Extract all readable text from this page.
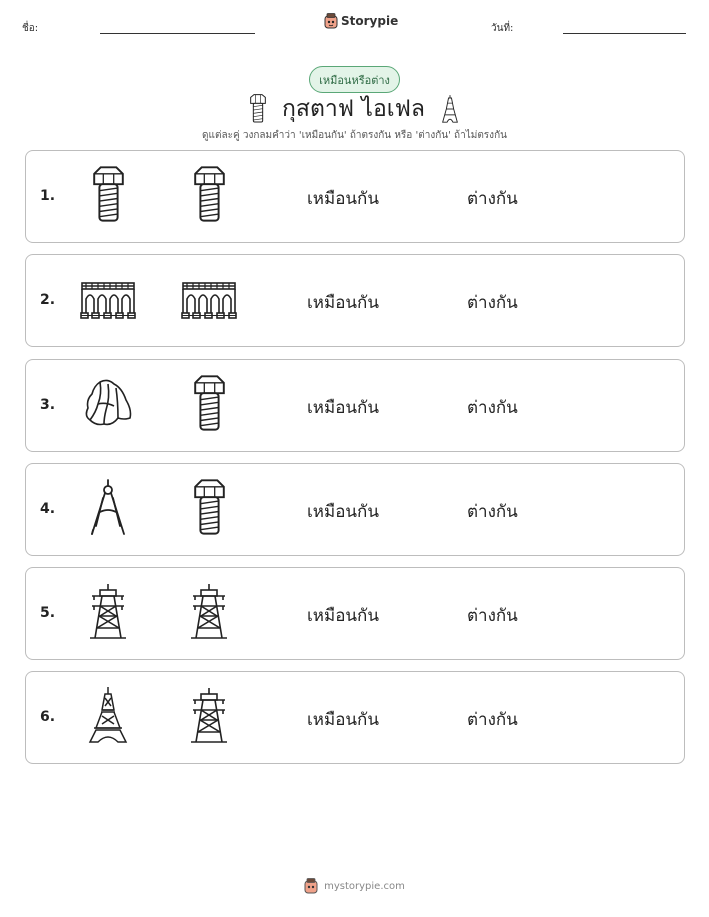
ชื่อ:
Storypie
วันที่:
เหมือนหรือต่าง
กุสตาฟ ไอเฟล
ดูแต่ละคู่ วงกลมคำว่า 'เหมือนกัน' ถ้าตรงกัน หรือ 'ต่างกัน' ถ้าไม่ตรงกัน
1.	เหมือนกัน	ต่างกัน
2.	เหมือนกัน	ต่างกัน
3.	เหมือนกัน	ต่างกัน
4.	เหมือนกัน	ต่างกัน
5.	เหมือนกัน	ต่างกัน
6.	เหมือนกัน	ต่างกัน
mystorypie.com
